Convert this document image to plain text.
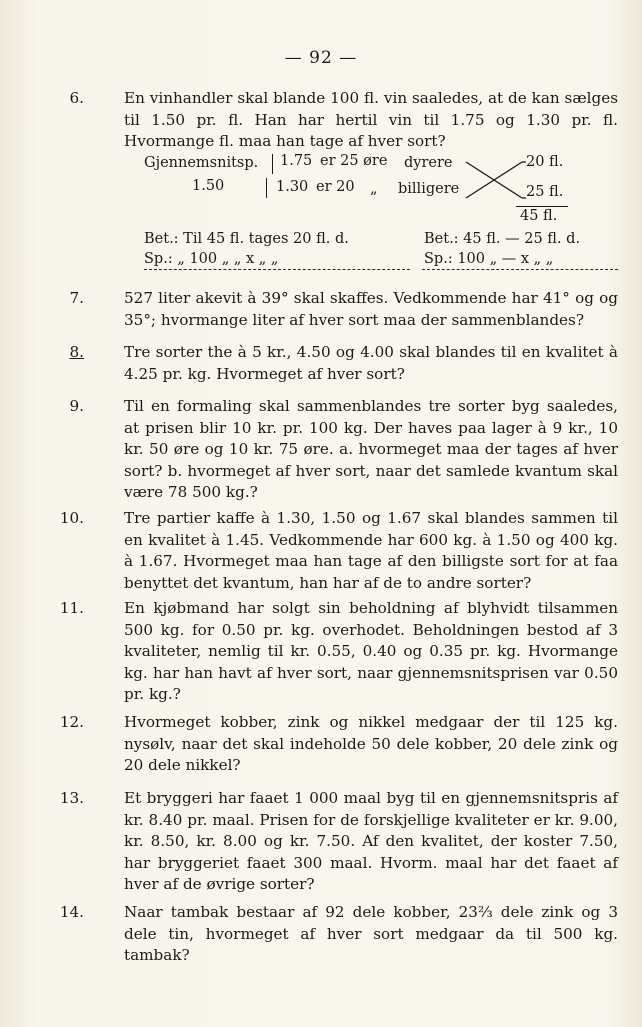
— 92 —
6.	En vinhandler skal blande 100 fl. vin saaledes, at de kan sælges til 1.50 pr. fl. Han har hertil vin til 1.75 og 1.30 pr. fl. Hvormange fl. maa han tage af hver sort?
Gjennemsnitsp.
1.50
1.75 er 25 øre dyrere
1.30 er 20 „ billigere
20 fl.
25 fl.
45 fl.
Bet.: Til 45 fl. tages 20 fl. d.
Sp.: „ 100 „ „ x „ „
Bet.: 45 fl. — 25 fl. d.
Sp.: 100 „ — x „ „
7.	527 liter akevit à 39° skal skaffes. Vedkommende har 41° og og 35°; hvormange liter af hver sort maa der sammenblandes?
8.	Tre sorter the à 5 kr., 4.50 og 4.00 skal blandes til en kvalitet à 4.25 pr. kg. Hvormeget af hver sort?
9.	Til en formaling skal sammenblandes tre sorter byg saaledes, at prisen blir 10 kr. pr. 100 kg. Der haves paa lager à 9 kr., 10 kr. 50 øre og 10 kr. 75 øre. a. hvormeget maa der tages af hver sort? b. hvormeget af hver sort, naar det samlede kvantum skal være 78 500 kg.?
10.	Tre partier kaffe à 1.30, 1.50 og 1.67 skal blandes sammen til en kvalitet à 1.45. Vedkommende har 600 kg. à 1.50 og 400 kg. à 1.67. Hvormeget maa han tage af den billigste sort for at faa benyttet det kvantum, han har af de to andre sorter?
11.	En kjøbmand har solgt sin beholdning af blyhvidt tilsammen 500 kg. for 0.50 pr. kg. overhodet. Beholdningen bestod af 3 kvaliteter, nemlig til kr. 0.55, 0.40 og 0.35 pr. kg. Hvormange kg. har han havt af hver sort, naar gjennemsnitsprisen var 0.50 pr. kg.?
12.	Hvormeget kobber, zink og nikkel medgaar der til 125 kg. nysølv, naar det skal indeholde 50 dele kobber, 20 dele zink og 20 dele nikkel?
13.	Et bryggeri har faaet 1 000 maal byg til en gjennemsnitspris af kr. 8.40 pr. maal. Prisen for de forskjellige kvaliteter er kr. 9.00, kr. 8.50, kr. 8.00 og kr. 7.50. Af den kvalitet, der koster 7.50, har bryggeriet faaet 300 maal. Hvorm. maal har det faaet af hver af de øvrige sorter?
14.	Naar tambak bestaar af 92 dele kobber, 23⅔ dele zink og 3 dele tin, hvormeget af hver sort medgaar da til 500 kg. tambak?
